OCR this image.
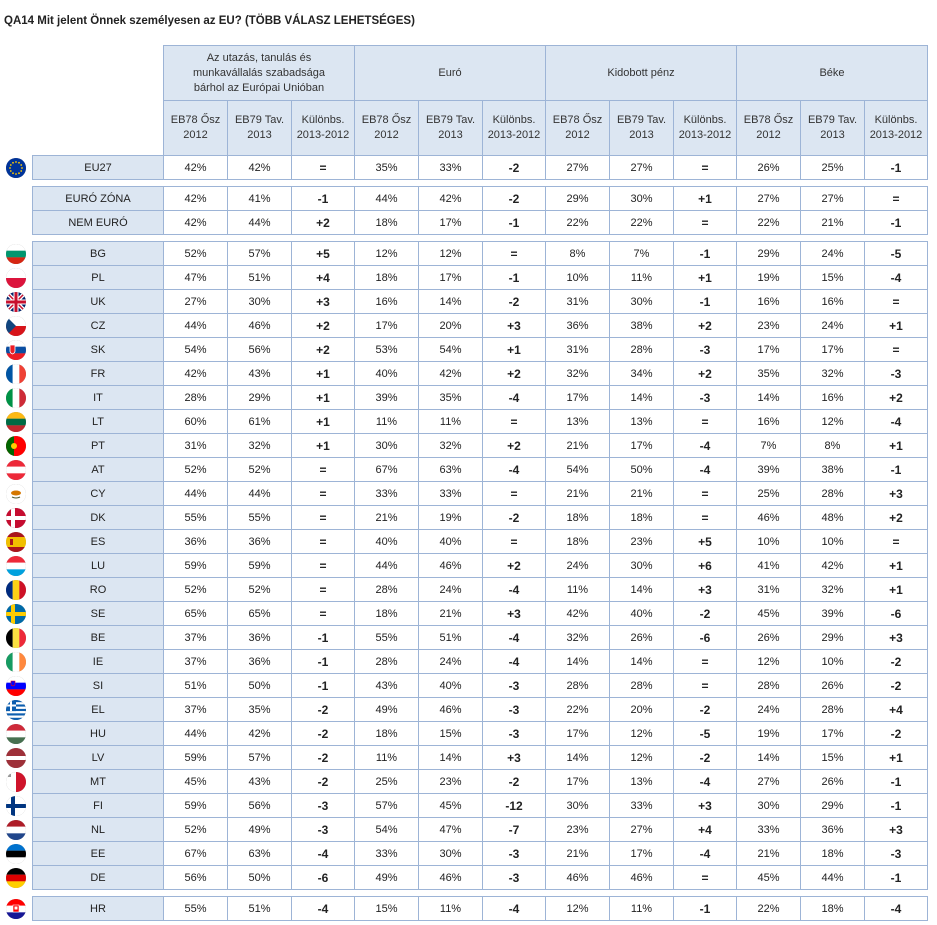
QA14 Mit jelent Önnek személyesen az EU? (TÖBB VÁLASZ LEHETSÉGES)
		Az utazás, tanulás és munkavállalás szabadsága bárhol az Európai Unióban			Euró			Kidobott pénz			Béke		
		EB78 Ősz 2012	EB79 Tav. 2013	Különbs. 2013-2012	EB78 Ősz 2012	EB79 Tav. 2013	Különbs. 2013-2012	EB78 Ősz 2012	EB79 Tav. 2013	Különbs. 2013-2012	EB78 Ősz 2012	EB79 Tav. 2013	Különbs. 2013-2012

	EU27	42%	42%	=	35%	33%	-2	27%	27%	=	26%	25%	-1

	EURÓ ZÓNA	42%	41%	-1	44%	42%	-2	29%	30%	+1	27%	27%	=
	NEM EURÓ	42%	44%	+2	18%	17%	-1	22%	22%	=	22%	21%	-1

	BG	52%	57%	+5	12%	12%	=	8%	7%	-1	29%	24%	-5

	PL	47%	51%	+4	18%	17%	-1	10%	11%	+1	19%	15%	-4

	UK	27%	30%	+3	16%	14%	-2	31%	30%	-1	16%	16%	=

	CZ	44%	46%	+2	17%	20%	+3	36%	38%	+2	23%	24%	+1

	SK	54%	56%	+2	53%	54%	+1	31%	28%	-3	17%	17%	=

	FR	42%	43%	+1	40%	42%	+2	32%	34%	+2	35%	32%	-3

	IT	28%	29%	+1	39%	35%	-4	17%	14%	-3	14%	16%	+2

	LT	60%	61%	+1	11%	11%	=	13%	13%	=	16%	12%	-4

	PT	31%	32%	+1	30%	32%	+2	21%	17%	-4	7%	8%	+1

	AT	52%	52%	=	67%	63%	-4	54%	50%	-4	39%	38%	-1

	CY	44%	44%	=	33%	33%	=	21%	21%	=	25%	28%	+3

	DK	55%	55%	=	21%	19%	-2	18%	18%	=	46%	48%	+2

	ES	36%	36%	=	40%	40%	=	18%	23%	+5	10%	10%	=

	LU	59%	59%	=	44%	46%	+2	24%	30%	+6	41%	42%	+1

	RO	52%	52%	=	28%	24%	-4	11%	14%	+3	31%	32%	+1

	SE	65%	65%	=	18%	21%	+3	42%	40%	-2	45%	39%	-6

	BE	37%	36%	-1	55%	51%	-4	32%	26%	-6	26%	29%	+3

	IE	37%	36%	-1	28%	24%	-4	14%	14%	=	12%	10%	-2

	SI	51%	50%	-1	43%	40%	-3	28%	28%	=	28%	26%	-2

	EL	37%	35%	-2	49%	46%	-3	22%	20%	-2	24%	28%	+4

	HU	44%	42%	-2	18%	15%	-3	17%	12%	-5	19%	17%	-2

	LV	59%	57%	-2	11%	14%	+3	14%	12%	-2	14%	15%	+1

	MT	45%	43%	-2	25%	23%	-2	17%	13%	-4	27%	26%	-1

	FI	59%	56%	-3	57%	45%	-12	30%	33%	+3	30%	29%	-1

	NL	52%	49%	-3	54%	47%	-7	23%	27%	+4	33%	36%	+3

	EE	67%	63%	-4	33%	30%	-3	21%	17%	-4	21%	18%	-3

	DE	56%	50%	-6	49%	46%	-3	46%	46%	=	45%	44%	-1

	HR	55%	51%	-4	15%	11%	-4	12%	11%	-1	22%	18%	-4
